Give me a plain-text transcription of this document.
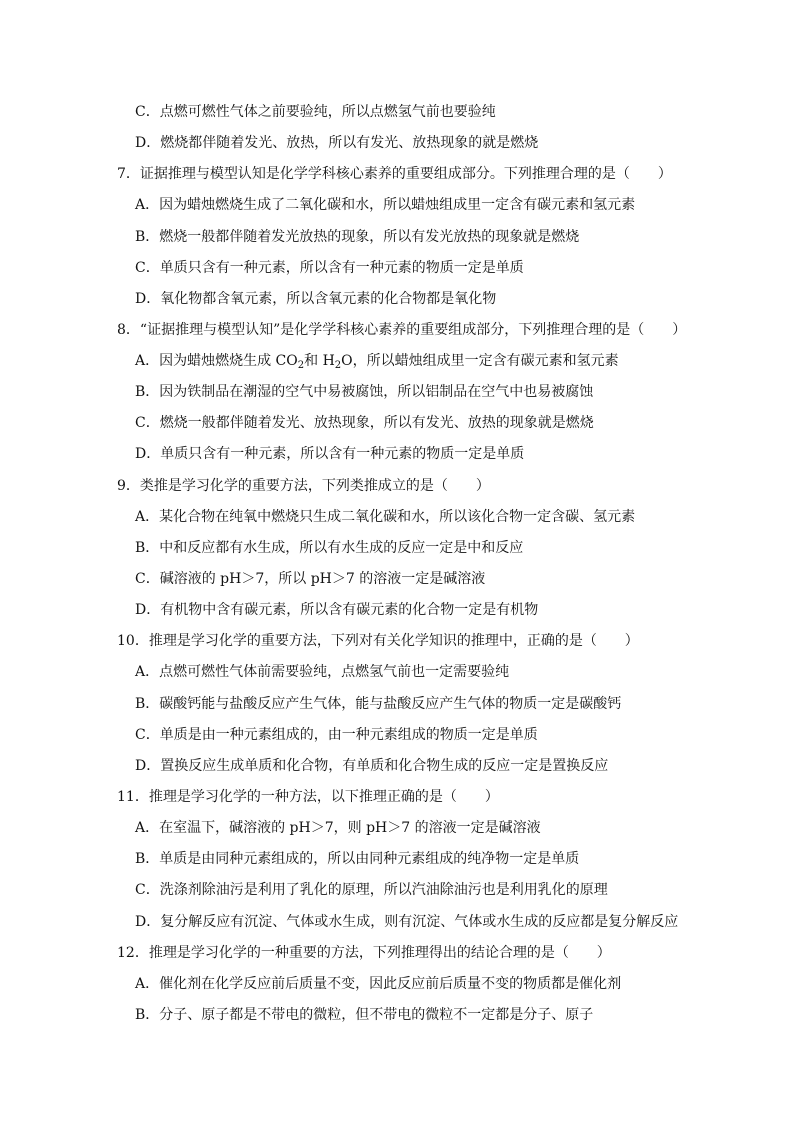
C．点燃可燃性气体之前要验纯，所以点燃氢气前也要验纯
D．燃烧都伴随着发光、放热，所以有发光、放热现象的就是燃烧
7．证据推理与模型认知是化学学科核心素养的重要组成部分。下列推理合理的是（　　）
A．因为蜡烛燃烧生成了二氧化碳和水，所以蜡烛组成里一定含有碳元素和氢元素
B．燃烧一般都伴随着发光放热的现象，所以有发光放热的现象就是燃烧
C．单质只含有一种元素，所以含有一种元素的物质一定是单质
D．氧化物都含氧元素，所以含氧元素的化合物都是氧化物
8．“证据推理与模型认知”是化学学科核心素养的重要组成部分，下列推理合理的是（　　）
A．因为蜡烛燃烧生成 $CO_2$和 $H_2O$，所以蜡烛组成里一定含有碳元素和氢元素
B．因为铁制品在潮湿的空气中易被腐蚀，所以铝制品在空气中也易被腐蚀
C．燃烧一般都伴随着发光、放热现象，所以有发光、放热的现象就是燃烧
D．单质只含有一种元素，所以含有一种元素的物质一定是单质
9．类推是学习化学的重要方法，下列类推成立的是（　　）
A．某化合物在纯氧中燃烧只生成二氧化碳和水，所以该化合物一定含碳、氢元素
B．中和反应都有水生成，所以有水生成的反应一定是中和反应
C．碱溶液的 pH＞7，所以 pH＞7 的溶液一定是碱溶液
D．有机物中含有碳元素，所以含有碳元素的化合物一定是有机物
10．推理是学习化学的重要方法，下列对有关化学知识的推理中，正确的是（　　）
A．点燃可燃性气体前需要验纯，点燃氢气前也一定需要验纯
B．碳酸钙能与盐酸反应产生气体，能与盐酸反应产生气体的物质一定是碳酸钙
C．单质是由一种元素组成的，由一种元素组成的物质一定是单质
D．置换反应生成单质和化合物，有单质和化合物生成的反应一定是置换反应
11．推理是学习化学的一种方法，以下推理正确的是（　　）
A．在室温下，碱溶液的 pH＞7，则 pH＞7 的溶液一定是碱溶液
B．单质是由同种元素组成的，所以由同种元素组成的纯净物一定是单质
C．洗涤剂除油污是利用了乳化的原理，所以汽油除油污也是利用乳化的原理
D．复分解反应有沉淀、气体或水生成，则有沉淀、气体或水生成的反应都是复分解反应
12．推理是学习化学的一种重要的方法，下列推理得出的结论合理的是（　　）
A．催化剂在化学反应前后质量不变，因此反应前后质量不变的物质都是催化剂
B．分子、原子都是不带电的微粒，但不带电的微粒不一定都是分子、原子
